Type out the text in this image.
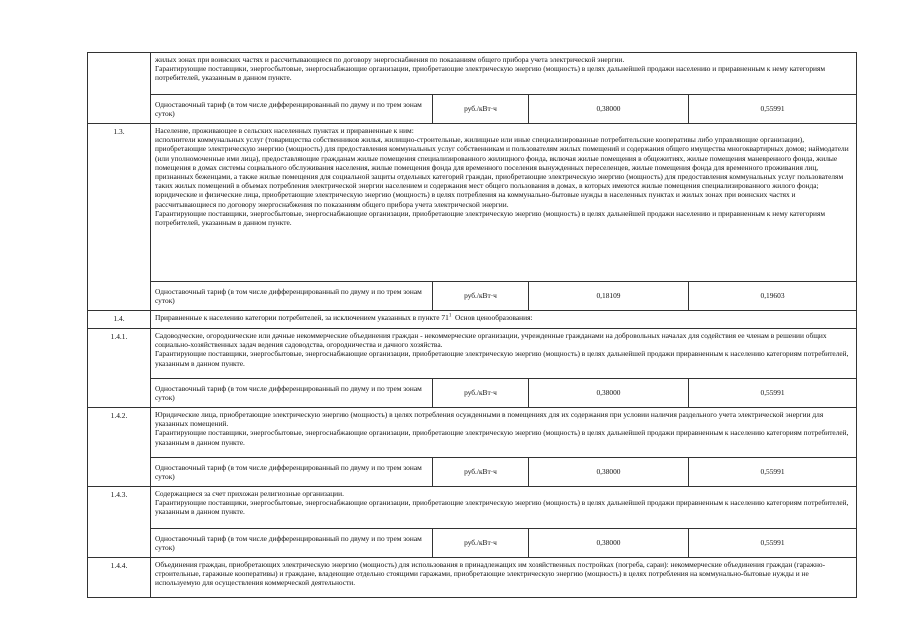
	жилых зонах при воинских частях и рассчитывающиеся по договору энергоснабжения по показаниям общего прибора учета электрической энергии.
Гарантирующие поставщики, энергосбытовые, энергоснабжающие организации, приобретающие электрическую энергию (мощность) в целях дальнейшей продажи населению и приравненным к нему категориям потребителей, указанным в данном пункте.			

	Одноставочный тариф (в том числе дифференцированный по двуму и по трем зонам суток)	руб./кВт·ч	0,38000	0,55991
1.3.	Население, проживающее в сельских населенных пунктах и приравненные к ним:
исполнители коммунальных услуг (товарищества собственников жилья, жилищно-строительные, жилищные или иные специализированные потребительские кооперативы либо управляющие организации), приобретающие электрическую энергию (мощность) для предоставления коммунальных услуг собственникам и пользователям жилых помещений и содержания общего имущества многоквартирных домов; наймодатели (или уполномоченные ими лица), предоставляющие гражданам жилые помещения специализированного жилищного фонда, включая жилые помещения в общежитиях, жилые помещения маневренного фонда, жилые помещения в домах системы социального обслуживания населения, жилые помещения фонда для временного поселения вынужденных переселенцев, жилые помещения фонда для временного проживания лиц, признанных беженцами, а также жилые помещения для социальной защиты отдельных категорий граждан, приобретающие электрическую энергию (мощность) для предоставления коммунальных услуг пользователям таких жилых помещений в объемах потребления электрической энергии населением и содержания мест общего пользования в домах, в которых имеются жилые помещения специализированного жилого фонда; юридические и физические лица, приобретающие электрическую энергию (мощность) в целях потребления на коммунально-бытовые нужды в населенных пунктах и жилых зонах при воинских частях и рассчитывающиеся по договору энергоснабжения по показаниям общего прибора учета электрической энергии.
Гарантирующие поставщики, энергосбытовые, энергоснабжающие организации, приобретающие электрическую энергию (мощность) в целях дальнейшей продажи населению и приравненным к нему категориям потребителей, указанным в данном пункте.			

	Одноставочный тариф (в том числе дифференцированный по двуму и по трем зонам суток)	руб./кВт·ч	0,18109	0,19603
1.4.	Приравненные к населению категории потребителей, за исключением указанных в пункте $71^1$ Основ ценообразования:			
1.4.1.	Садоводческие, огороднические или дачные некоммерческие объединения граждан - некоммерческие организации, учрежденные гражданами на добровольных началах для содействия ее членам в решении общих социально-хозяйственных задач ведения садоводства, огородничества и дачного хозяйства.
Гарантирующие поставщики, энергосбытовые, энергоснабжающие организации, приобретающие электрическую энергию (мощность) в целях дальнейшей продажи приравненным к населению категориям потребителей, указанным в данном пункте.			

	Одноставочный тариф (в том числе дифференцированный по двуму и по трем зонам суток)	руб./кВт·ч	0,38000	0,55991
1.4.2.	Юридические лица, приобретающие электрическую энергию (мощность) в целях потребления осужденными в помещениях для их содержания при условии наличия раздельного учета электрической энергии для указанных помещений.
Гарантирующие поставщики, энергосбытовые, энергоснабжающие организации, приобретающие электрическую энергию (мощность) в целях дальнейшей продажи приравненным к населению категориям потребителей, указанным в данном пункте.			

	Одноставочный тариф (в том числе дифференцированный по двуму и по трем зонам суток)	руб./кВт·ч	0,38000	0,55991
1.4.3.	Содержащиеся за счет прихожан религиозные организации.
Гарантирующие поставщики, энергосбытовые, энергоснабжающие организации, приобретающие электрическую энергию (мощность) в целях дальнейшей продажи приравненным к населению категориям потребителей, указанным в данном пункте.			

	Одноставочный тариф (в том числе дифференцированный по двуму и по трем зонам суток)	руб./кВт·ч	0,38000	0,55991
1.4.4.	Объединения граждан, приобретающих электрическую энергию (мощность) для использования в принадлежащих им хозяйственных постройках (погреба, сараи): некоммерческие объединения граждан (гаражно-строительные, гаражные кооперативы) и граждане, владеющие отдельно стоящими гаражами, приобретающие электрическую энергию (мощность) в целях потребления на коммунально-бытовые нужды и не используемую для осуществления коммерческой деятельности.			
